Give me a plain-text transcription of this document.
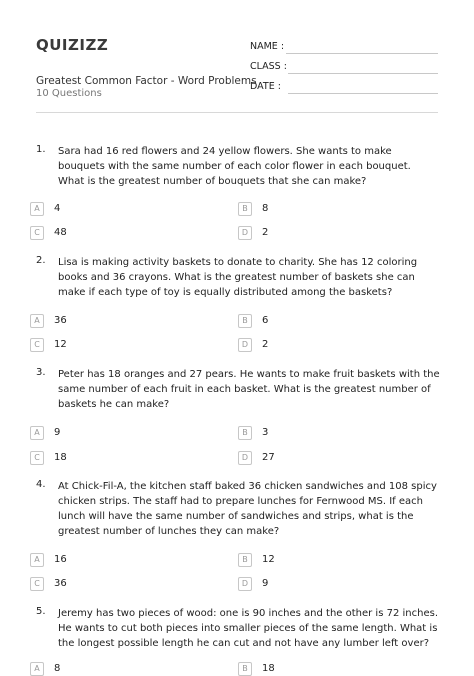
QUIZIZZ
Greatest Common Factor - Word Problems
10 Questions
NAME :
CLASS :
DATE :
1. Sara had 16 red flowers and 24 yellow flowers. She wants to make bouquets with the same number of each color flower in each bouquet. What is the greatest number of bouquets that she can make?
A	4	B	8
C	48	D	2
2. Lisa is making activity baskets to donate to charity. She has 12 coloring books and 36 crayons. What is the greatest number of baskets she can make if each type of toy is equally distributed among the baskets?
A	36	B	6
C	12	D	2
3. Peter has 18 oranges and 27 pears. He wants to make fruit baskets with the same number of each fruit in each basket. What is the greatest number of baskets he can make?
A	9	B	3
C	18	D	27
4. At Chick-Fil-A, the kitchen staff baked 36 chicken sandwiches and 108 spicy chicken strips. The staff had to prepare lunches for Fernwood MS. If each lunch will have the same number of sandwiches and strips, what is the greatest number of lunches they can make?
A	16	B	12
C	36	D	9
5. Jeremy has two pieces of wood: one is 90 inches and the other is 72 inches. He wants to cut both pieces into smaller pieces of the same length. What is the longest possible length he can cut and not have any lumber left over?
A	8	B	18
